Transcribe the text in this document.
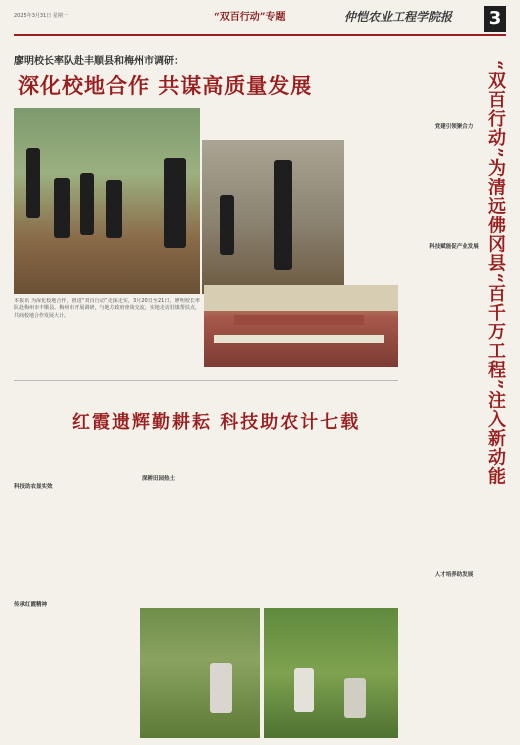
2025年3月31日 星期一	“双百行动”专题	仲恺农业工程学院报 3
廖明校长率队赴丰顺县和梅州市调研：
深化校地合作 共谋高质量发展
本报讯 为深化校地合作，推进“双百行动”走深走实，3月20日至21日，廖明校长率队赴梅州市丰顺县、梅州市开展调研，与地方政府座谈交流，实地走访驻镇帮扶点，共商校地合作发展大计。	“双百行动”为清远佛冈县“百千万工程”注入新动能
党建引领聚合力
科技赋能促产业发展
人才培养助发展
红霞遗辉勤耕耘 科技助农计七载
深耕田园热土
科技助农显实效
传承红霞精神
